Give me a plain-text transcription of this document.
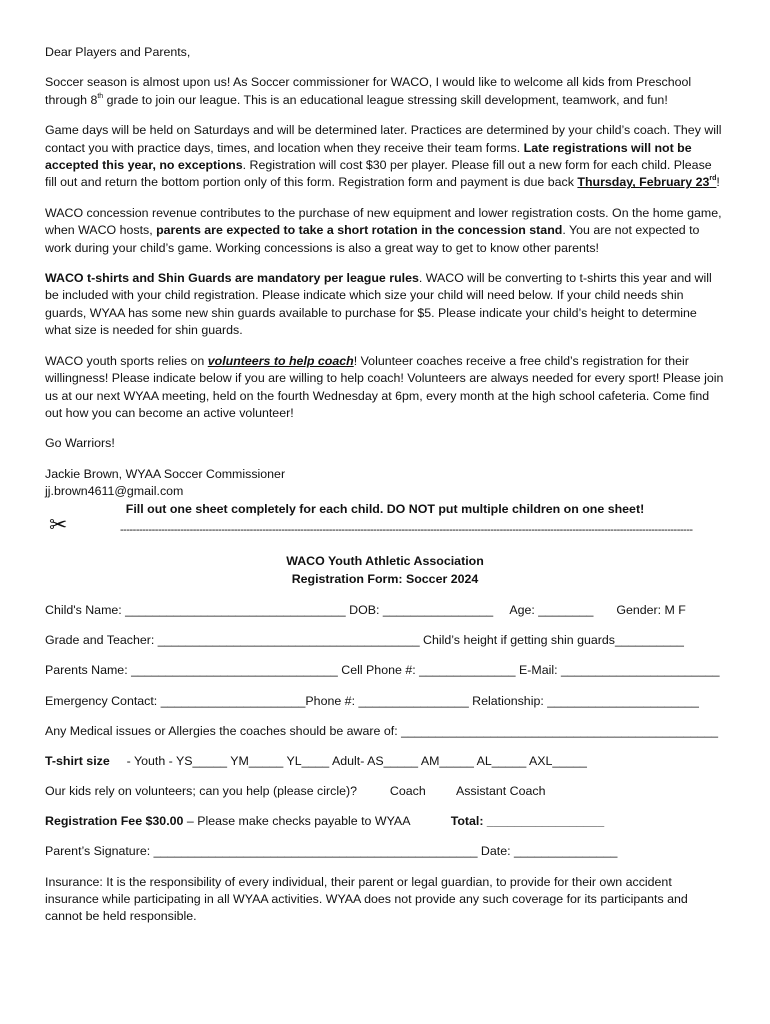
Dear Players and Parents,

Soccer season is almost upon us! As Soccer commissioner for WACO, I would like to welcome all kids from Preschool through 8th grade to join our league. This is an educational league stressing skill development, teamwork, and fun!

Game days will be held on Saturdays and will be determined later. Practices are determined by your child’s coach. They will contact you with practice days, times, and location when they receive their team forms. Late registrations will not be accepted this year, no exceptions. Registration will cost $30 per player. Please fill out a new form for each child. Please fill out and return the bottom portion only of this form. Registration form and payment is due back Thursday, February 23rd!

WACO concession revenue contributes to the purchase of new equipment and lower registration costs. On the home game, when WACO hosts, parents are expected to take a short rotation in the concession stand. You are not expected to work during your child’s game. Working concessions is also a great way to get to know other parents!

WACO t-shirts and Shin Guards are mandatory per league rules. WACO will be converting to t-shirts this year and will be included with your child registration. Please indicate which size your child will need below. If your child needs shin guards, WYAA has some new shin guards available to purchase for $5. Please indicate your child’s height to determine what size is needed for shin guards.

WACO youth sports relies on volunteers to help coach! Volunteer coaches receive a free child’s registration for their willingness! Please indicate below if you are willing to help coach! Volunteers are always needed for every sport! Please join us at our next WYAA meeting, held on the fourth Wednesday at 6pm, every month at the high school cafeteria. Come find out how you can become an active volunteer!

Go Warriors!

Jackie Brown, WYAA Soccer Commissioner
jj.brown4611@gmail.com
Fill out one sheet completely for each child. DO NOT put multiple children on one sheet!
✂	-------------------------------------------------------------------------------------------------------------------------------------------------------------------------------------
WACO Youth Athletic Association
Registration Form: Soccer 2024
Child's Name: ________________________________ DOB: ________________ Age: ________ Gender: M F
Grade and Teacher: ______________________________________ Child’s height if getting shin guards__________
Parents Name: ______________________________ Cell Phone #: ______________ E-Mail: _______________________
Emergency Contact: _____________________Phone #: ________________ Relationship: ______________________
Any Medical issues or Allergies the coaches should be aware of: ______________________________________________
T-shirt size - Youth - YS_____ YM_____ YL____ Adult- AS_____ AM_____ AL_____ AXL_____
Our kids rely on volunteers; can you help (please circle)?	Coach Assistant Coach
Registration Fee $30.00 – Please make checks payable to WYAA	Total: _________________
Parent’s Signature: _______________________________________________ Date: _______________
Insurance: It is the responsibility of every individual, their parent or legal guardian, to provide for their own accident insurance while participating in all WYAA activities. WYAA does not provide any such coverage for its participants and cannot be held responsible.
